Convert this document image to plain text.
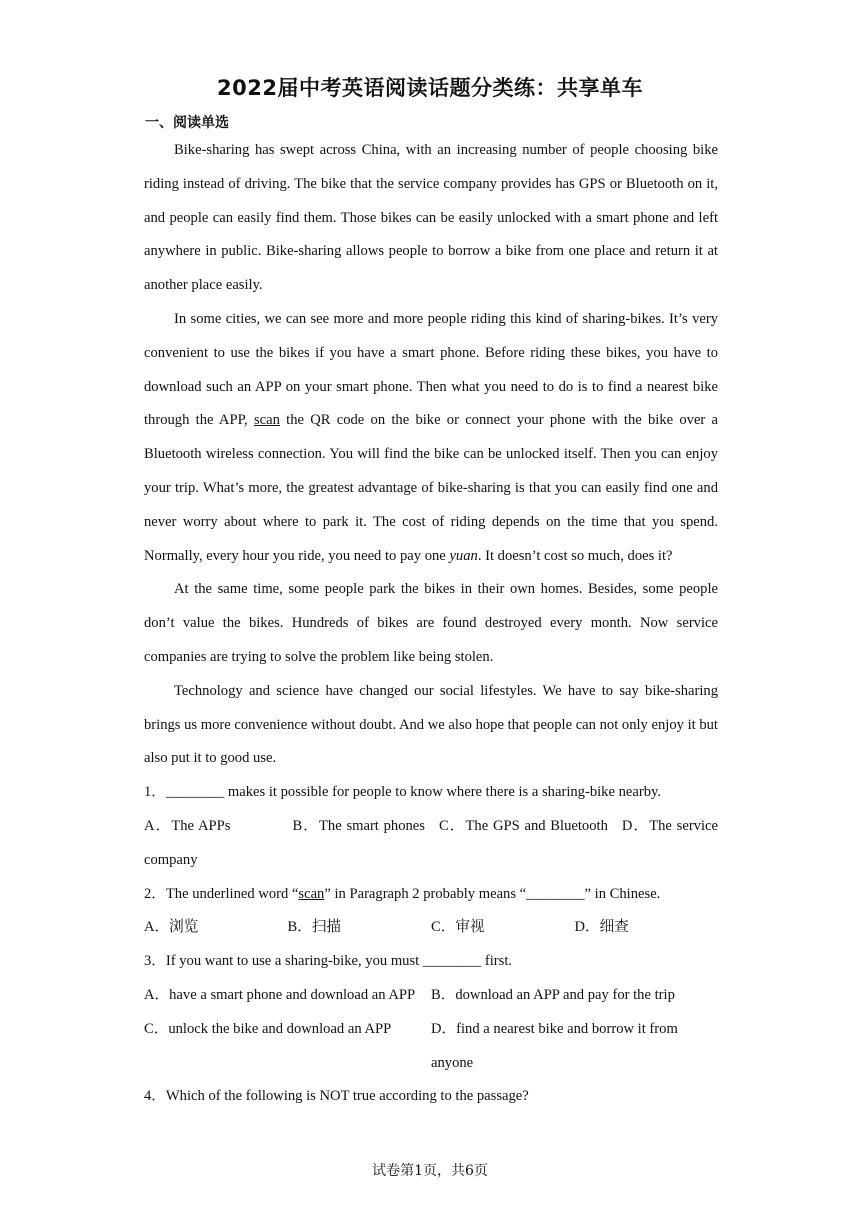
2022届中考英语阅读话题分类练：共享单车
一、阅读单选

Bike-sharing has swept across China, with an increasing number of people choosing bike riding instead of driving. The bike that the service company provides has GPS or Bluetooth on it, and people can easily find them. Those bikes can be easily unlocked with a smart phone and left anywhere in public. Bike-sharing allows people to borrow a bike from one place and return it at another place easily.

In some cities, we can see more and more people riding this kind of sharing-bikes. It’s very convenient to use the bikes if you have a smart phone. Before riding these bikes, you have to download such an APP on your smart phone. Then what you need to do is to find a nearest bike through the APP, scan the QR code on the bike or connect your phone with the bike over a Bluetooth wireless connection. You will find the bike can be unlocked itself. Then you can enjoy your trip. What’s more, the greatest advantage of bike-sharing is that you can easily find one and never worry about where to park it. The cost of riding depends on the time that you spend. Normally, every hour you ride, you need to pay one yuan. It doesn’t cost so much, does it?

At the same time, some people park the bikes in their own homes. Besides, some people don’t value the bikes. Hundreds of bikes are found destroyed every month. Now service companies are trying to solve the problem like being stolen.

Technology and science have changed our social lifestyles. We have to say bike-sharing brings us more convenience without doubt. And we also hope that people can not only enjoy it but also put it to good use.

1．________ makes it possible for people to know where there is a sharing-bike nearby.

A．The APPs	B．The smart phones C．The GPS and Bluetooth D．The service company

2．The underlined word “scan” in Paragraph 2 probably means “________” in Chinese.

A．浏览	B．扫描	C．审视	D．细查

3．If you want to use a sharing-bike, you must ________ first.

A．have a smart phone and download an APP	B．download an APP and pay for the trip
C．unlock the bike and download an APP	D．find a nearest bike and borrow it from anyone

4．Which of the following is NOT true according to the passage?

试卷第1页，共6页
